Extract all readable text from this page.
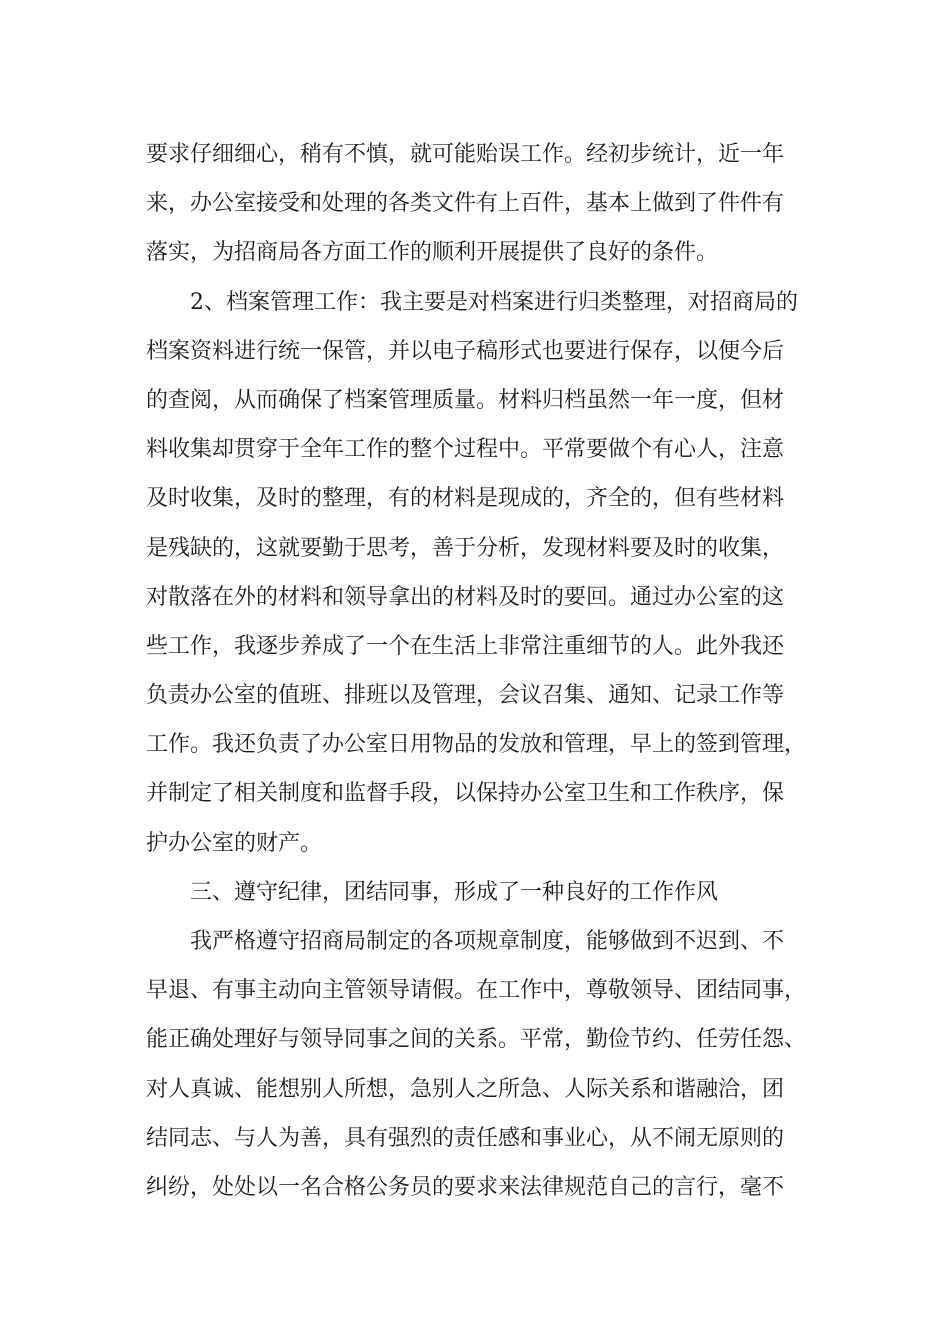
要求仔细细心，稍有不慎，就可能贻误工作。经初步统计，近一年
来，办公室接受和处理的各类文件有上百件，基本上做到了件件有
落实，为招商局各方面工作的顺利开展提供了良好的条件。
2、档案管理工作：我主要是对档案进行归类整理，对招商局的
档案资料进行统一保管，并以电子稿形式也要进行保存，以便今后
的查阅，从而确保了档案管理质量。材料归档虽然一年一度，但材
料收集却贯穿于全年工作的整个过程中。平常要做个有心人，注意
及时收集，及时的整理，有的材料是现成的，齐全的，但有些材料
是残缺的，这就要勤于思考，善于分析，发现材料要及时的收集，
对散落在外的材料和领导拿出的材料及时的要回。通过办公室的这
些工作，我逐步养成了一个在生活上非常注重细节的人。此外我还
负责办公室的值班、排班以及管理，会议召集、通知、记录工作等
工作。我还负责了办公室日用物品的发放和管理，早上的签到管理，
并制定了相关制度和监督手段，以保持办公室卫生和工作秩序，保
护办公室的财产。
三、遵守纪律，团结同事，形成了一种良好的工作作风
我严格遵守招商局制定的各项规章制度，能够做到不迟到、不
早退、有事主动向主管领导请假。在工作中，尊敬领导、团结同事，
能正确处理好与领导同事之间的关系。平常，勤俭节约、任劳任怨、
对人真诚、能想别人所想，急别人之所急、人际关系和谐融洽，团
结同志、与人为善，具有强烈的责任感和事业心，从不闹无原则的
纠纷，处处以一名合格公务员的要求来法律规范自己的言行，毫不
